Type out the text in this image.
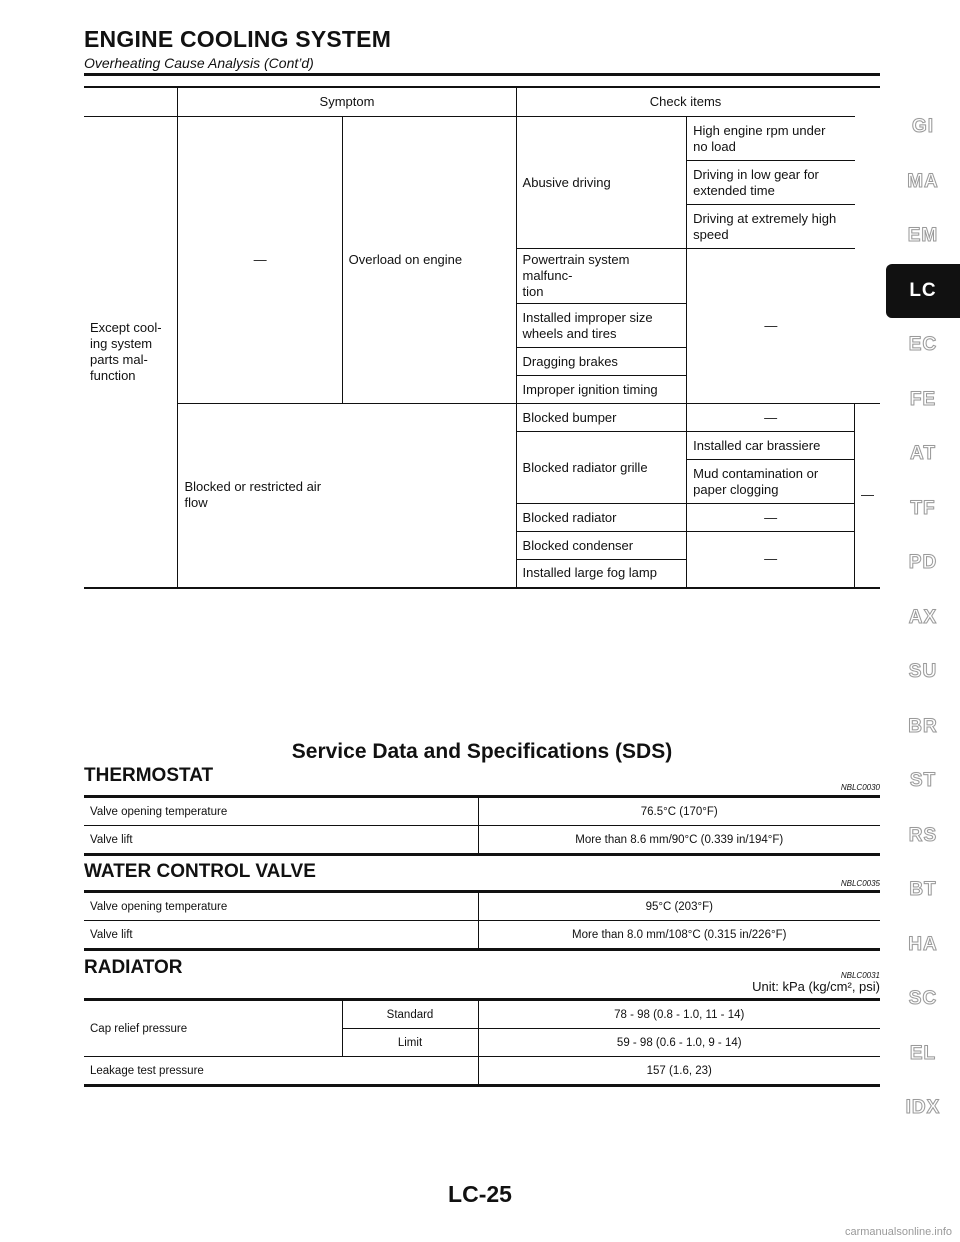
ENGINE COOLING SYSTEM
Overheating Cause Analysis (Cont’d)
	Symptom		Check items		
Except cool-
ing system
parts mal-
function	—	Overload on engine	Abusive driving	High engine rpm under
no load	
				Driving in low gear for
extended time	
				Driving at extremely high
speed	
			Powertrain system malfunc-
tion	—	
			Installed improper size
wheels and tires		
			Dragging brakes		
			Improper ignition timing		
	Blocked or restricted air
flow		Blocked bumper	—	—
			Blocked radiator grille	Installed car brassiere	
				Mud contamination or
paper clogging	
			Blocked radiator	—	
			Blocked condenser	—	
			Installed large fog lamp		
Service Data and Specifications (SDS)
THERMOSTAT
NBLC0030
Valve opening temperature	76.5°C (170°F)
Valve lift	More than 8.6 mm/90°C (0.339 in/194°F)
WATER CONTROL VALVE
NBLC0035
Valve opening temperature	95°C (203°F)
Valve lift	More than 8.0 mm/108°C (0.315 in/226°F)
RADIATOR	NBLC0031
Unit: kPa (kg/cm², psi)
Cap relief pressure	Standard	78 - 98 (0.8 - 1.0, 11 - 14)
	Limit	59 - 98 (0.6 - 1.0, 9 - 14)
Leakage test pressure		157 (1.6, 23)
GI
MA
EM
LC
EC
FE
AT
TF
PD
AX
SU
BR
ST
RS
BT
HA
SC
EL
IDX
LC-25
carmanualsonline.info
